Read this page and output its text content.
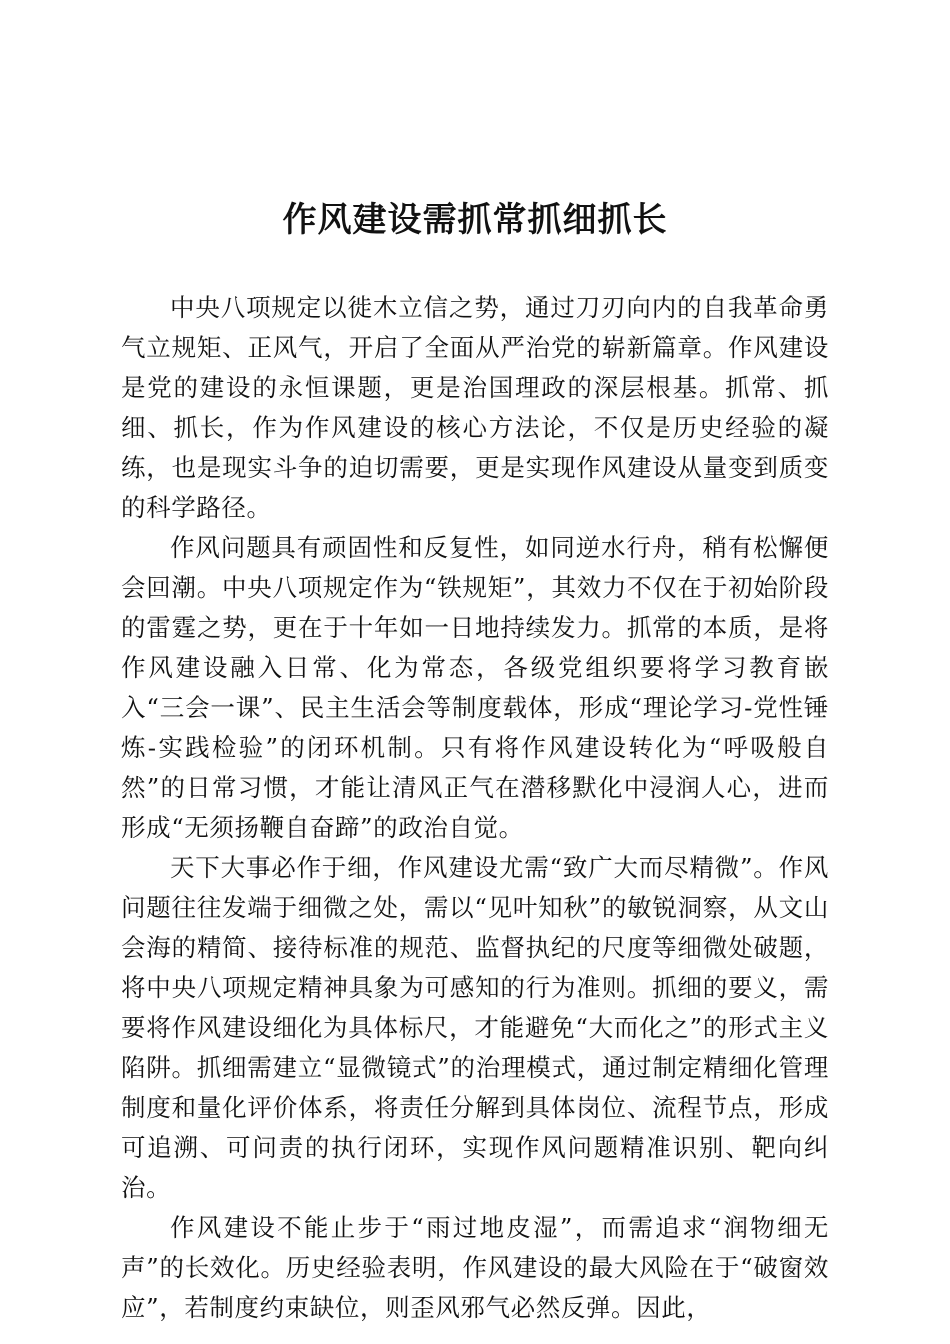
作风建设需抓常抓细抓长

中央八项规定以徙木立信之势，通过刀刃向内的自我革命勇气立规矩、正风气，开启了全面从严治党的崭新篇章。作风建设是党的建设的永恒课题，更是治国理政的深层根基。抓常、抓细、抓长，作为作风建设的核心方法论，不仅是历史经验的凝练，也是现实斗争的迫切需要，更是实现作风建设从量变到质变的科学路径。

作风问题具有顽固性和反复性，如同逆水行舟，稍有松懈便会回潮。中央八项规定作为“铁规矩”，其效力不仅在于初始阶段的雷霆之势，更在于十年如一日地持续发力。抓常的本质，是将作风建设融入日常、化为常态，各级党组织要将学习教育嵌入“三会一课”、民主生活会等制度载体，形成“理论学习-党性锤炼-实践检验”的闭环机制。只有将作风建设转化为“呼吸般自然”的日常习惯，才能让清风正气在潜移默化中浸润人心，进而形成“无须扬鞭自奋蹄”的政治自觉。

天下大事必作于细，作风建设尤需“致广大而尽精微”。作风问题往往发端于细微之处，需以“见叶知秋”的敏锐洞察，从文山会海的精简、接待标准的规范、监督执纪的尺度等细微处破题，将中央八项规定精神具象为可感知的行为准则。抓细的要义，需要将作风建设细化为具体标尺，才能避免“大而化之”的形式主义陷阱。抓细需建立“显微镜式”的治理模式，通过制定精细化管理制度和量化评价体系，将责任分解到具体岗位、流程节点，形成可追溯、可问责的执行闭环，实现作风问题精准识别、靶向纠治。

作风建设不能止步于“雨过地皮湿”，而需追求“润物细无声”的长效化。历史经验表明，作风建设的最大风险在于“破窗效应”，若制度约束缺位，则歪风邪气必然反弹。因此，
